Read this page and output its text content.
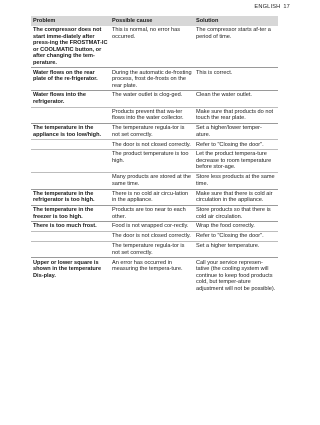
ENGLISH 17
Problem	Possible cause	Solution
The compressor does not start imme-diately after press-ing the FROSTMAT-IC or COOLMATIC button, or after changing the tem-perature.	This is normal, no error has occurred.	The compressor starts af-ter a period of time.
Water flows on the rear plate of the re-frigerator.	During the automatic de-frosting process, frost de-frosts on the rear plate.	This is correct.
Water flows into the refrigerator.	The water outlet is clog-ged.	Clean the water outlet.
	Products prevent that wa-ter flows into the water collector.	Make sure that products do not touch the rear plate.
The temperature in the appliance is too low/high.	The temperature regula-tor is not set correctly.	Set a higher/lower temper-ature.
	The door is not closed correctly.	Refer to "Closing the door".
	The product temperature is too high.	Let the product tempera-ture decrease to room temperature before stor-age.
	Many products are stored at the same time.	Store less products at the same time.
The temperature in the refrigerator is too high.	There is no cold air circu-lation in the appliance.	Make sure that there is cold air circulation in the appliance.
The temperature in the freezer is too high.	Products are too near to each other.	Store products so that there is cold air circulation.
There is too much frost.	Food is not wrapped cor-rectly.	Wrap the food correctly.
	The door is not closed correctly.	Refer to "Closing the door".
	The temperature regula-tor is not set correctly.	Set a higher temperature.
Upper or lower square is shown in the temperature Dis-play.	An error has occurred in measuring the tempera-ture.	Call your service represen-tative (the cooling system will continue to keep food products cold, but temper-ature adjustment will not be possible).
